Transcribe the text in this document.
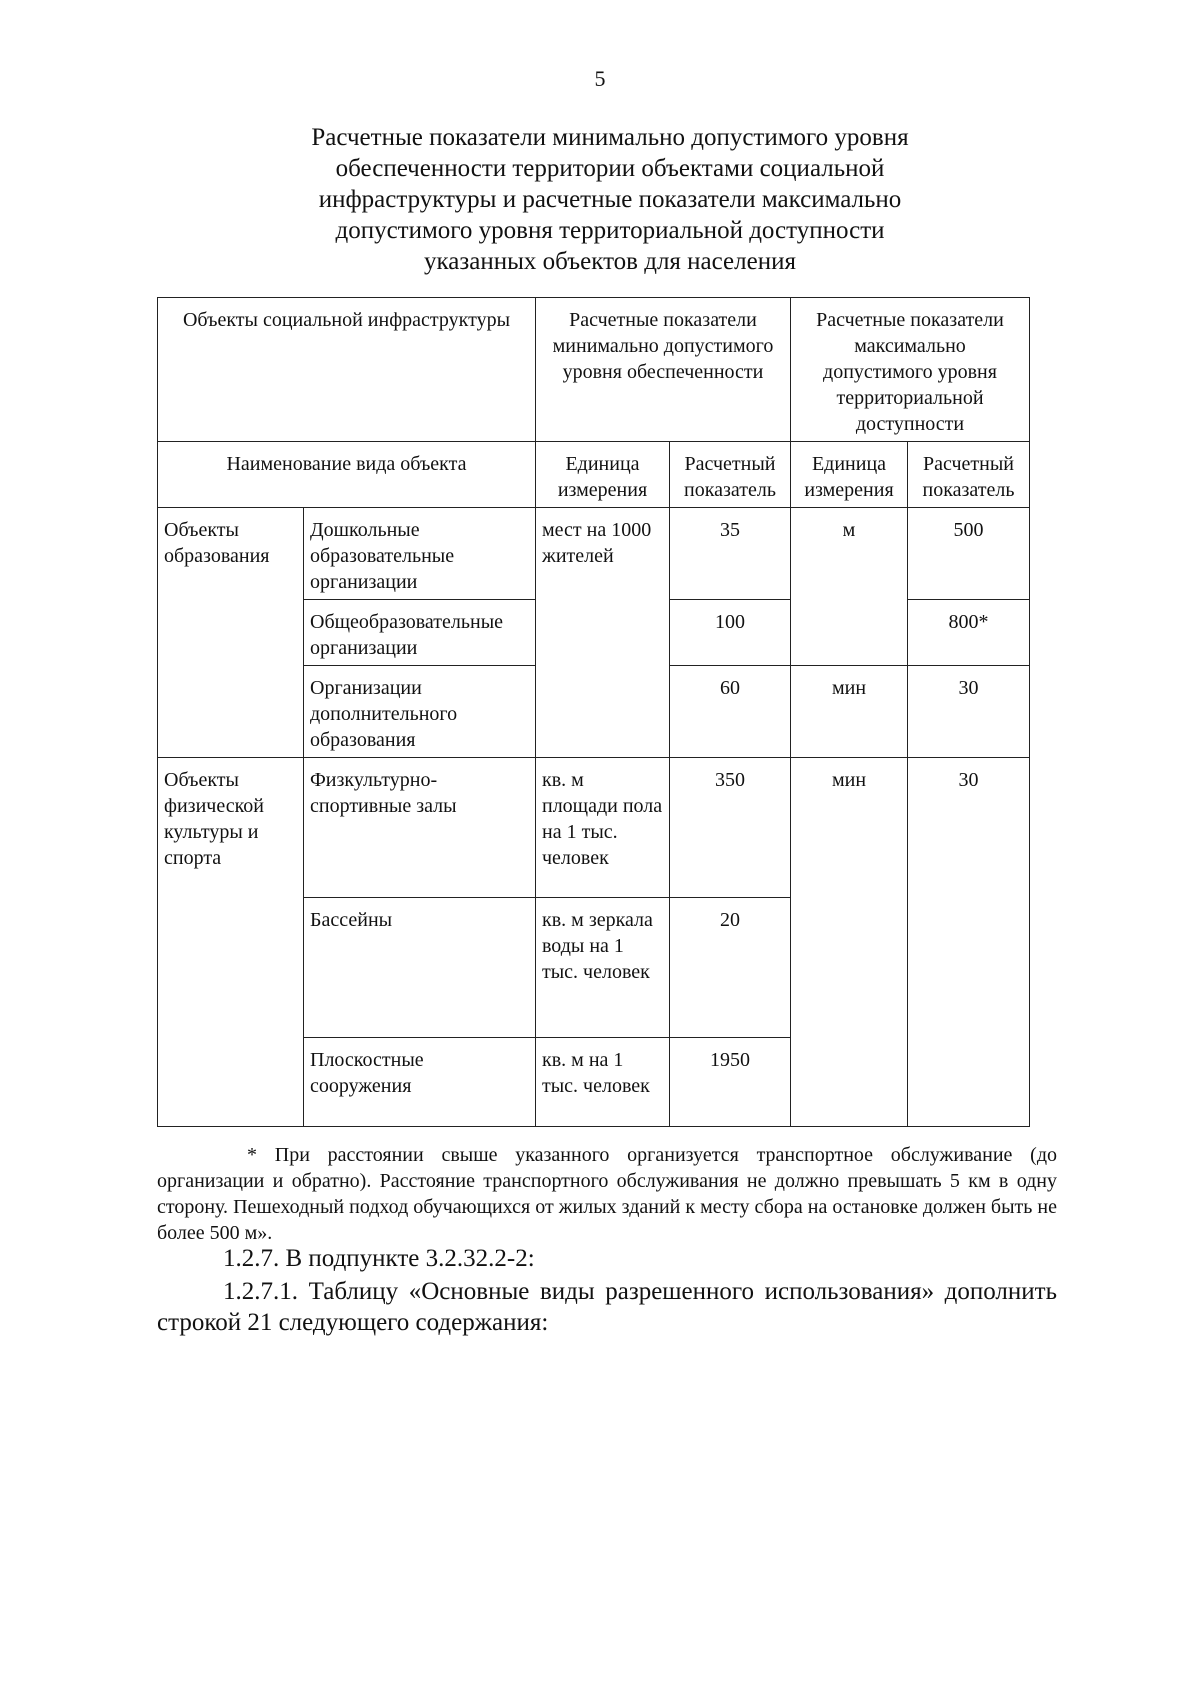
5
Расчетные показатели минимально допустимого уровня
обеспеченности территории объектами социальной
инфраструктуры и расчетные показатели максимально
допустимого уровня территориальной доступности
указанных объектов для населения
Объекты социальной инфраструктуры		Расчетные показатели минимально допустимого уровня обеспеченности		Расчетные показатели максимально допустимого уровня территориальной доступности	
Наименование вида объекта		Единица измерения	Расчетный показатель	Единица измерения	Расчетный показатель
Объекты образования	Дошкольные образовательные организации	мест на 1000 жителей	35	м	500
	Общеобразовательные организации		100		800*
	Организации дополнительного образования		60	мин	30
Объекты физической культуры и спорта	Физкультурно-спортивные залы	кв. м площади пола на 1 тыс. человек	350	мин	30
	Бассейны	кв. м зеркала воды на 1 тыс. человек	20		
	Плоскостные сооружения	кв. м на 1 тыс. человек	1950		
* При расстоянии свыше указанного организуется транспортное обслуживание (до организации и обратно). Расстояние транспортного обслуживания не должно превышать 5 км в одну сторону. Пешеходный подход обучающихся от жилых зданий к месту сбора на остановке должен быть не более 500 м».
1.2.7. В подпункте 3.2.32.2-2:
1.2.7.1. Таблицу «Основные виды разрешенного использования» дополнить строкой 21 следующего содержания:
